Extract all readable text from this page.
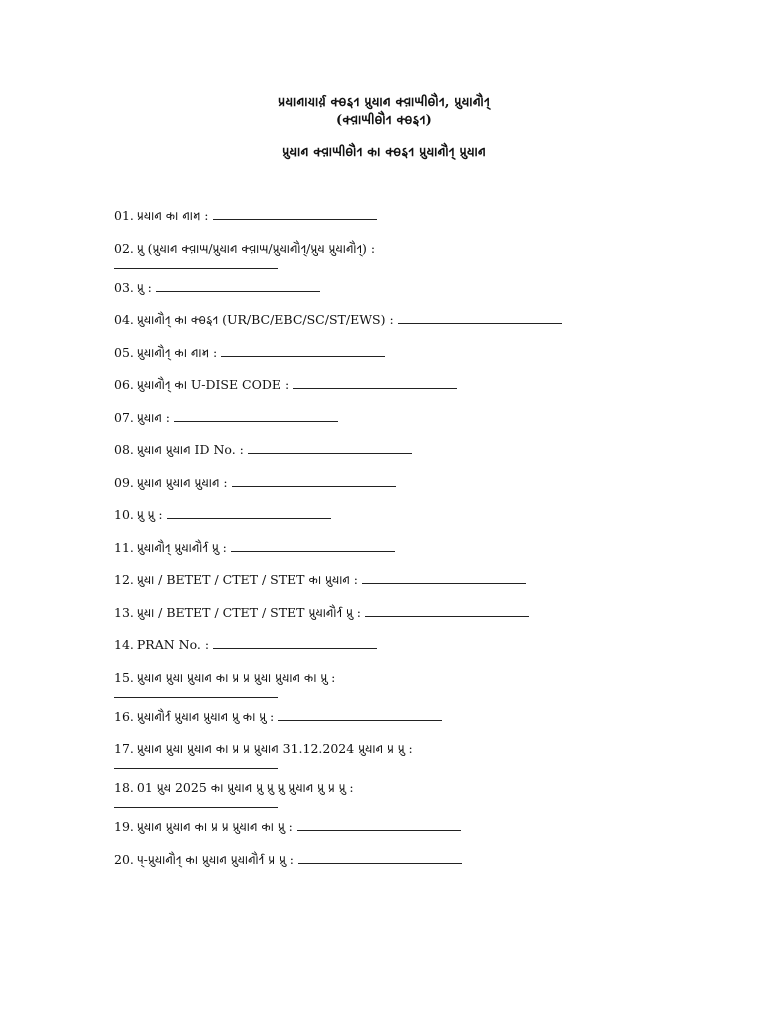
𑂣𑂹𑂩𑂡𑂰𑂢𑂰𑂒𑂰𑂩𑂹𑂨 𑂍𑂹𑂪𑂅𑂩 𑂣𑂹𑂩𑂳𑂡𑂰𑂢 𑂍𑂹𑂫𑂰𑂎𑂲𑂪𑂸𑂩, 𑂣𑂹𑂩𑂳𑂡𑂰𑂢𑂸𑂩𑂹
(𑂍𑂹𑂫𑂰𑂎𑂲𑂪𑂸𑂩 𑂍𑂹𑂪𑂅𑂩)
𑂣𑂹𑂩𑂳𑂡𑂰𑂢 𑂍𑂹𑂫𑂰𑂎𑂲𑂪𑂸𑂩 𑂍𑂰 𑂍𑂹𑂪𑂅𑂩 𑂣𑂹𑂩𑂳𑂡𑂰𑂢𑂸𑂩𑂹 𑂣𑂹𑂩𑂳𑂡𑂰𑂢
01. 𑂣𑂹𑂩𑂡𑂰𑂢 𑂍𑂰 𑂢𑂰𑂧 :
02. 𑂣𑂹𑂩𑂳 (𑂣𑂹𑂩𑂳𑂡𑂰𑂢 𑂍𑂹𑂫𑂰𑂎/𑂣𑂹𑂩𑂳𑂡𑂰𑂢 𑂍𑂹𑂫𑂰𑂎/𑂣𑂹𑂩𑂳𑂡𑂰𑂢𑂸𑂩𑂹/𑂣𑂹𑂩𑂳𑂡 𑂣𑂹𑂩𑂳𑂡𑂰𑂢𑂸𑂩𑂹) :
03. 𑂣𑂹𑂩𑂳 :
04. 𑂣𑂹𑂩𑂳𑂡𑂰𑂢𑂸𑂩𑂹 𑂍𑂰 𑂍𑂹𑂪𑂅𑂩 (UR/BC/EBC/SC/ST/EWS) :
05. 𑂣𑂹𑂩𑂳𑂡𑂰𑂢𑂸𑂩𑂹 𑂍𑂰 𑂢𑂰𑂧 :
06. 𑂣𑂹𑂩𑂳𑂡𑂰𑂢𑂸𑂩𑂹 𑂍𑂰 U-DISE CODE :
07. 𑂣𑂹𑂩𑂳𑂡𑂰𑂢 :
08. 𑂣𑂹𑂩𑂳𑂡𑂰𑂢 𑂣𑂹𑂩𑂳𑂡𑂰𑂢 ID No. :
09. 𑂣𑂹𑂩𑂳𑂡𑂰𑂢 𑂣𑂹𑂩𑂳𑂡𑂰𑂢 𑂣𑂹𑂩𑂳𑂡𑂰𑂢 :
10. 𑂣𑂹𑂩𑂳 𑂣𑂹𑂩𑂳 :
11. 𑂣𑂹𑂩𑂳𑂡𑂰𑂢𑂸𑂩𑂹 𑂣𑂹𑂩𑂳𑂡𑂰𑂢𑂸𑂩𑂹𑂩 𑂣𑂹𑂩𑂳 :
12. 𑂣𑂹𑂩𑂳𑂡𑂰 / BETET / CTET / STET 𑂍𑂰 𑂣𑂹𑂩𑂳𑂡𑂰𑂢 :
13. 𑂣𑂹𑂩𑂳𑂡𑂰 / BETET / CTET / STET 𑂣𑂹𑂩𑂳𑂡𑂰𑂢𑂸𑂩𑂹𑂩 𑂣𑂹𑂩𑂳 :
14. PRAN No. :
15. 𑂣𑂹𑂩𑂳𑂡𑂰𑂢 𑂣𑂹𑂩𑂳𑂡𑂰 𑂣𑂹𑂩𑂳𑂡𑂰𑂢 𑂍𑂰 𑂣𑂹𑂩 𑂣𑂹𑂩 𑂣𑂹𑂩𑂳𑂡𑂰 𑂣𑂹𑂩𑂳𑂡𑂰𑂢 𑂍𑂰 𑂣𑂹𑂩𑂳 :
16. 𑂣𑂹𑂩𑂳𑂡𑂰𑂢𑂸𑂩𑂹𑂩 𑂣𑂹𑂩𑂳𑂡𑂰𑂢 𑂣𑂹𑂩𑂳𑂡𑂰𑂢 𑂣𑂹𑂩𑂳 𑂍𑂰 𑂣𑂹𑂩𑂳 :
17. 𑂣𑂹𑂩𑂳𑂡𑂰𑂢 𑂣𑂹𑂩𑂳𑂡𑂰 𑂣𑂹𑂩𑂳𑂡𑂰𑂢 𑂍𑂰 𑂣𑂹𑂩 𑂣𑂹𑂩 𑂣𑂹𑂩𑂳𑂡𑂰𑂢 31.12.2024 𑂣𑂹𑂩𑂳𑂡𑂰𑂢 𑂣𑂹𑂩 𑂣𑂹𑂩𑂳 :
18. 01 𑂣𑂹𑂩𑂳𑂡 2025 𑂍𑂰 𑂣𑂹𑂩𑂳𑂡𑂰𑂢 𑂣𑂹𑂩𑂳 𑂣𑂹𑂩𑂳 𑂣𑂹𑂩𑂳 𑂣𑂹𑂩𑂳𑂡𑂰𑂢 𑂣𑂹𑂩𑂳 𑂣𑂹𑂩 𑂣𑂹𑂩𑂳 :
19. 𑂣𑂹𑂩𑂳𑂡𑂰𑂢 𑂣𑂹𑂩𑂳𑂡𑂰𑂢 𑂍𑂰 𑂣𑂹𑂩 𑂣𑂹𑂩 𑂣𑂹𑂩𑂳𑂡𑂰𑂢 𑂍𑂰 𑂣𑂹𑂩𑂳 :
20. 𑂣𑂹-𑂣𑂹𑂩𑂳𑂡𑂰𑂢𑂸𑂩𑂹 𑂍𑂰 𑂣𑂹𑂩𑂳𑂡𑂰𑂢 𑂣𑂹𑂩𑂳𑂡𑂰𑂢𑂸𑂩𑂹𑂩 𑂣𑂹𑂩 𑂣𑂹𑂩𑂳 :
